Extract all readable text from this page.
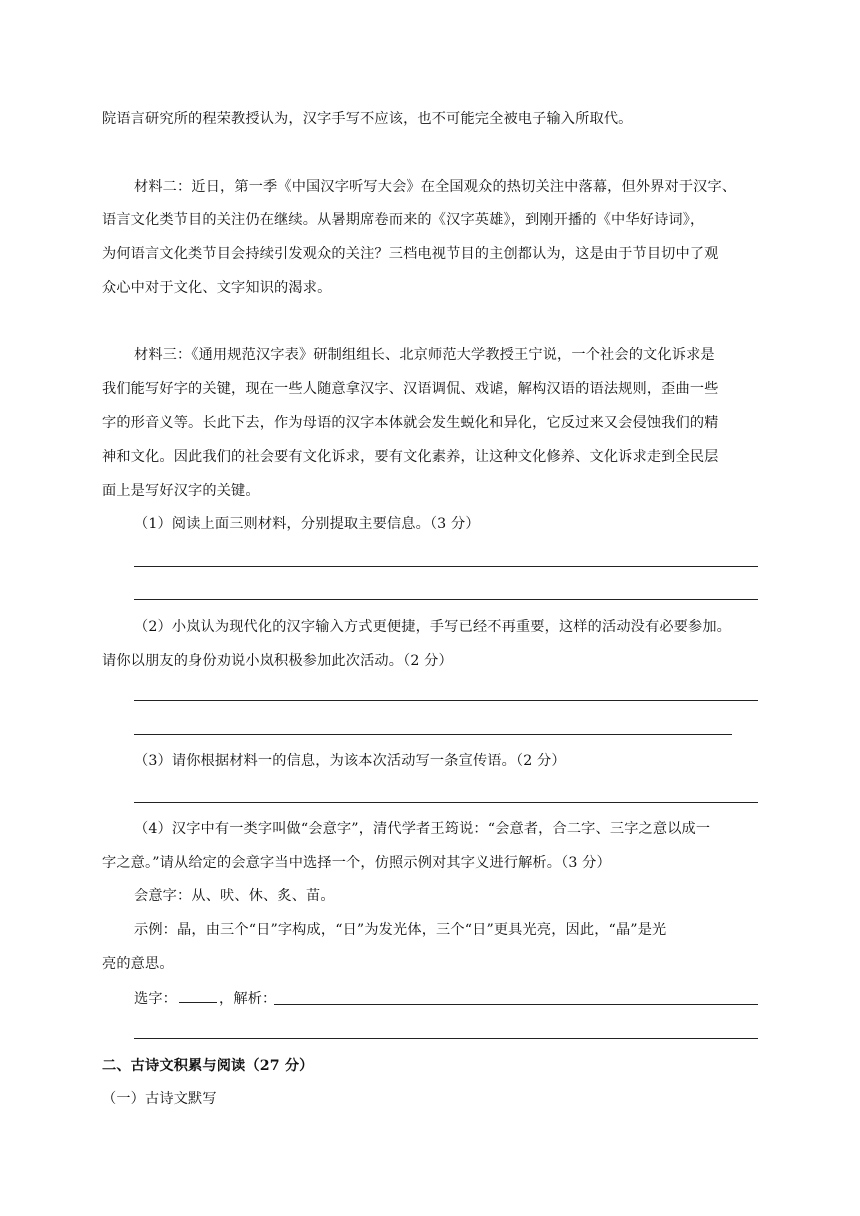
院语言研究所的程荣教授认为，汉字手写不应该，也不可能完全被电子输入所取代。
材料二：近日，第一季《中国汉字听写大会》在全国观众的热切关注中落幕，但外界对于汉字、
语言文化类节目的关注仍在继续。从暑期席卷而来的《汉字英雄》，到刚开播的《中华好诗词》，
为何语言文化类节目会持续引发观众的关注？三档电视节目的主创都认为，这是由于节目切中了观
众心中对于文化、文字知识的渴求。
材料三：《通用规范汉字表》研制组组长、北京师范大学教授王宁说，一个社会的文化诉求是
我们能写好字的关键，现在一些人随意拿汉字、汉语调侃、戏谑，解构汉语的语法规则，歪曲一些
字的形音义等。长此下去，作为母语的汉字本体就会发生蜕化和异化，它反过来又会侵蚀我们的精
神和文化。因此我们的社会要有文化诉求，要有文化素养，让这种文化修养、文化诉求走到全民层
面上是写好汉字的关键。
（1）阅读上面三则材料，分别提取主要信息。（3 分）
（2）小岚认为现代化的汉字输入方式更便捷，手写已经不再重要，这样的活动没有必要参加。
请你以朋友的身份劝说小岚积极参加此次活动。（2 分）
（3）请你根据材料一的信息，为该本次活动写一条宣传语。（2 分）
（4）汉字中有一类字叫做“会意字”，清代学者王筠说：“会意者，合二字、三字之意以成一
字之意。”请从给定的会意字当中选择一个，仿照示例对其字义进行解析。（3 分）
会意字：从、吠、休、炙、苗。
示例：晶，由三个“日”字构成，“日”为发光体，三个“日”更具光亮，因此，“晶”是光
亮的意思。
选字：	，解析：
二、古诗文积累与阅读（27 分）
（一）古诗文默写
